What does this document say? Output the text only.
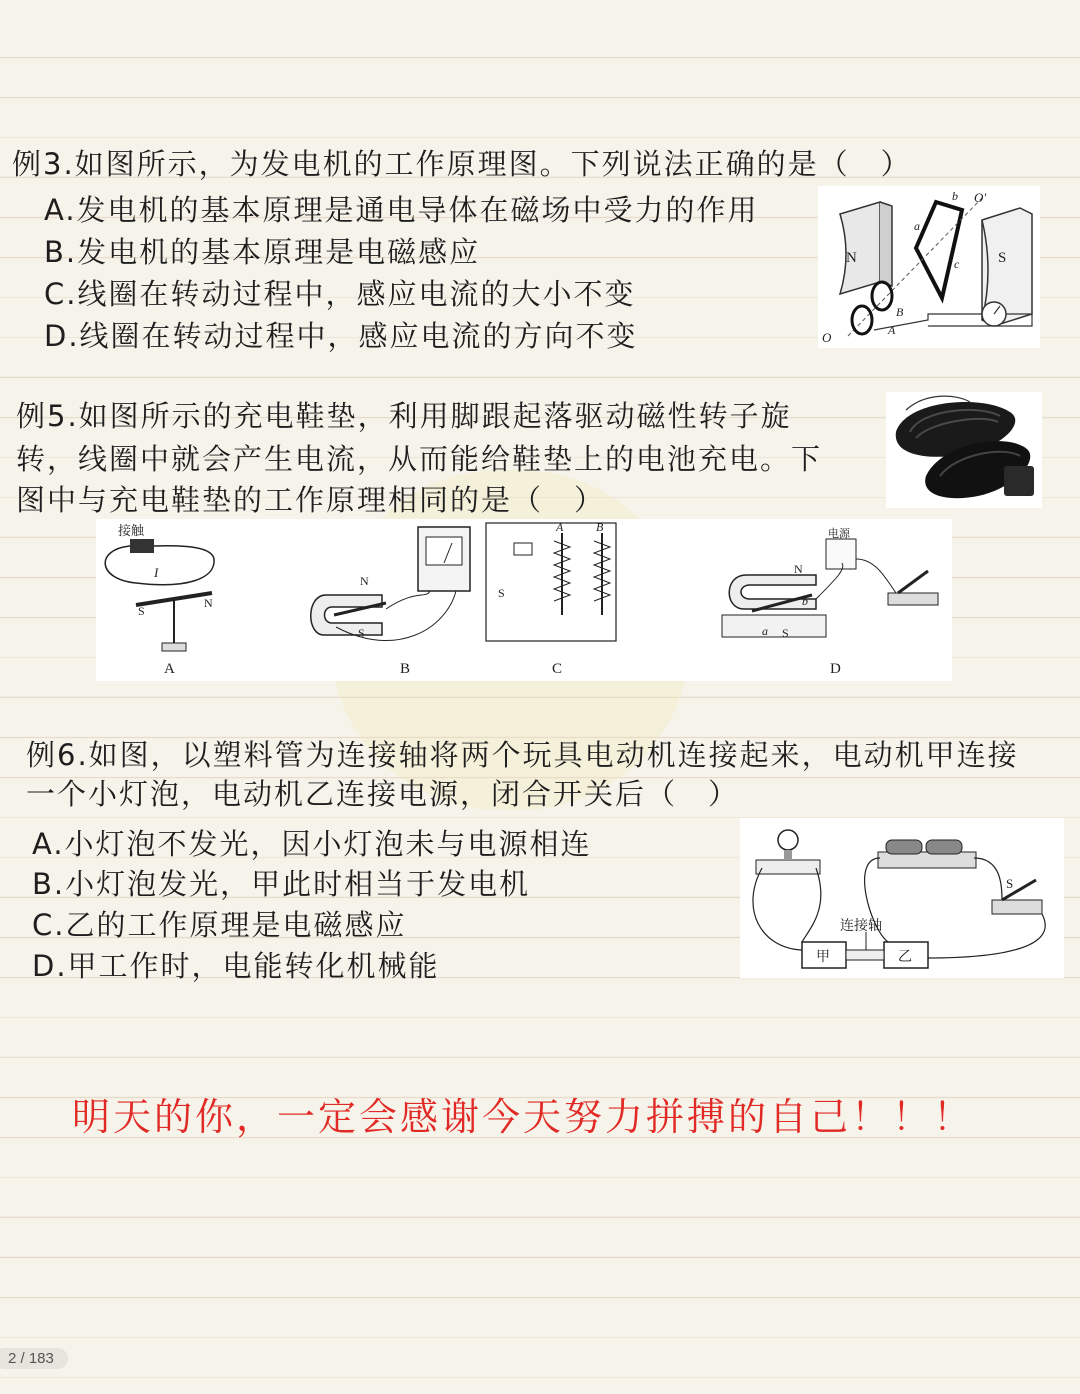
例3.如图所示，为发电机的工作原理图。下列说法正确的是（　）
A.发电机的基本原理是通电导体在磁场中受力的作用
B.发电机的基本原理是电磁感应
C.线圈在转动过程中，感应电流的大小不变
D.线圈在转动过程中，感应电流的方向不变
N	S
a
b
c
B
A
O
O′
例5.如图所示的充电鞋垫，利用脚跟起落驱动磁性转子旋
转，线圈中就会产生电流，从而能给鞋垫上的电池充电。下
图中与充电鞋垫的工作原理相同的是（　）
接触
I
S
N
A
N
S
B
A	B
S
C
N
S
a
b
电源
D
例6.如图，以塑料管为连接轴将两个玩具电动机连接起来，电动机甲连接
一个小灯泡，电动机乙连接电源，闭合开关后（　）
A.小灯泡不发光，因小灯泡未与电源相连
B.小灯泡发光，甲此时相当于发电机
C.乙的工作原理是电磁感应
D.甲工作时，电能转化机械能
S
甲	乙
连接轴
明天的你，一定会感谢今天努力拼搏的自己！！！
2 / 183
